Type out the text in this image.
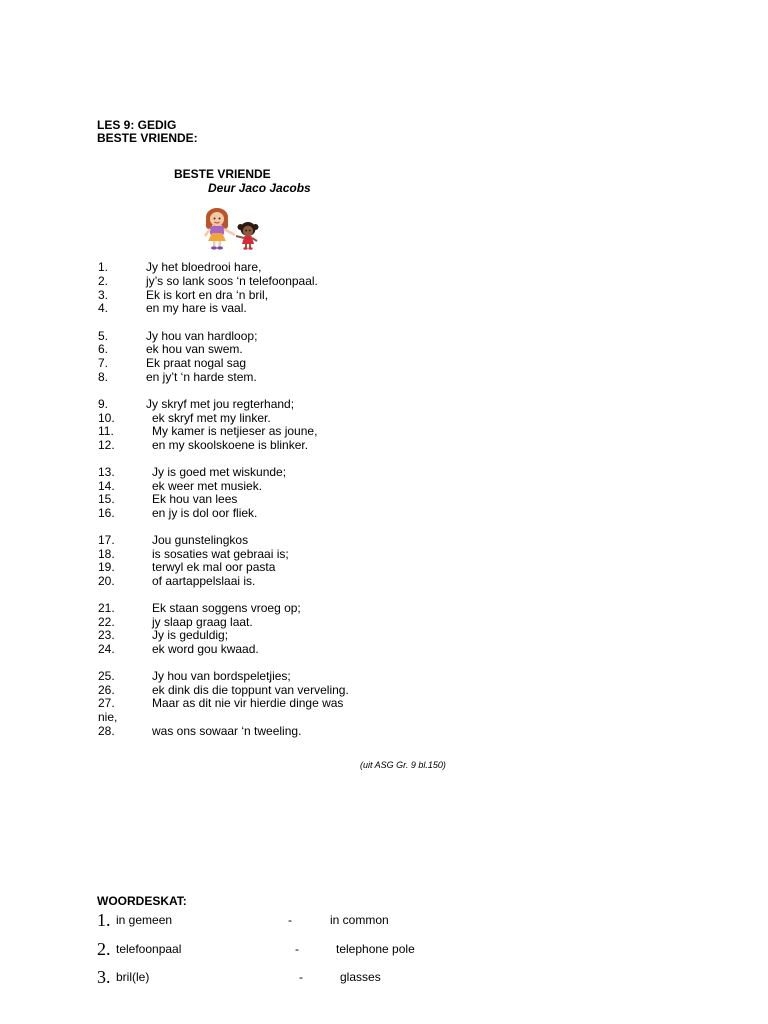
LES 9: GEDIG
BESTE VRIENDE:
BESTE VRIENDE
Deur Jaco Jacobs
1.	Jy het bloedrooi hare,
2.	jy’s so lank soos ‘n telefoonpaal.
3.	Ek is kort en dra ‘n bril,
4.	en my hare is vaal.
5.	Jy hou van hardloop;
6.	ek hou van swem.
7.	Ek praat nogal sag
8.	en jy’t ‘n harde stem.
9.	Jy skryf met jou regterhand;
10.	ek skryf met my linker.
11.	My kamer is netjieser as joune,
12.	en my skoolskoene is blinker.
13.	Jy is goed met wiskunde;
14.	ek weer met musiek.
15.	Ek hou van lees
16.	en jy is dol oor fliek.
17.	Jou gunstelingkos
18.	is sosaties wat gebraai is;
19.	terwyl ek mal oor pasta
20.	of aartappelslaai is.
21.	Ek staan soggens vroeg op;
22.	jy slaap graag laat.
23.	Jy is geduldig;
24.	ek word gou kwaad.
25.	Jy hou van bordspeletjies;
26.	ek dink dis die toppunt van verveling.
27.	Maar as dit nie vir hierdie dinge was
nie,
28.	was ons sowaar ‘n tweeling.
(uit ASG Gr. 9 bl.150)
WOORDESKAT:
1. in gemeen	-	in common
2. telefoonpaal	-	telephone pole
3. bril(le)	-	glasses
